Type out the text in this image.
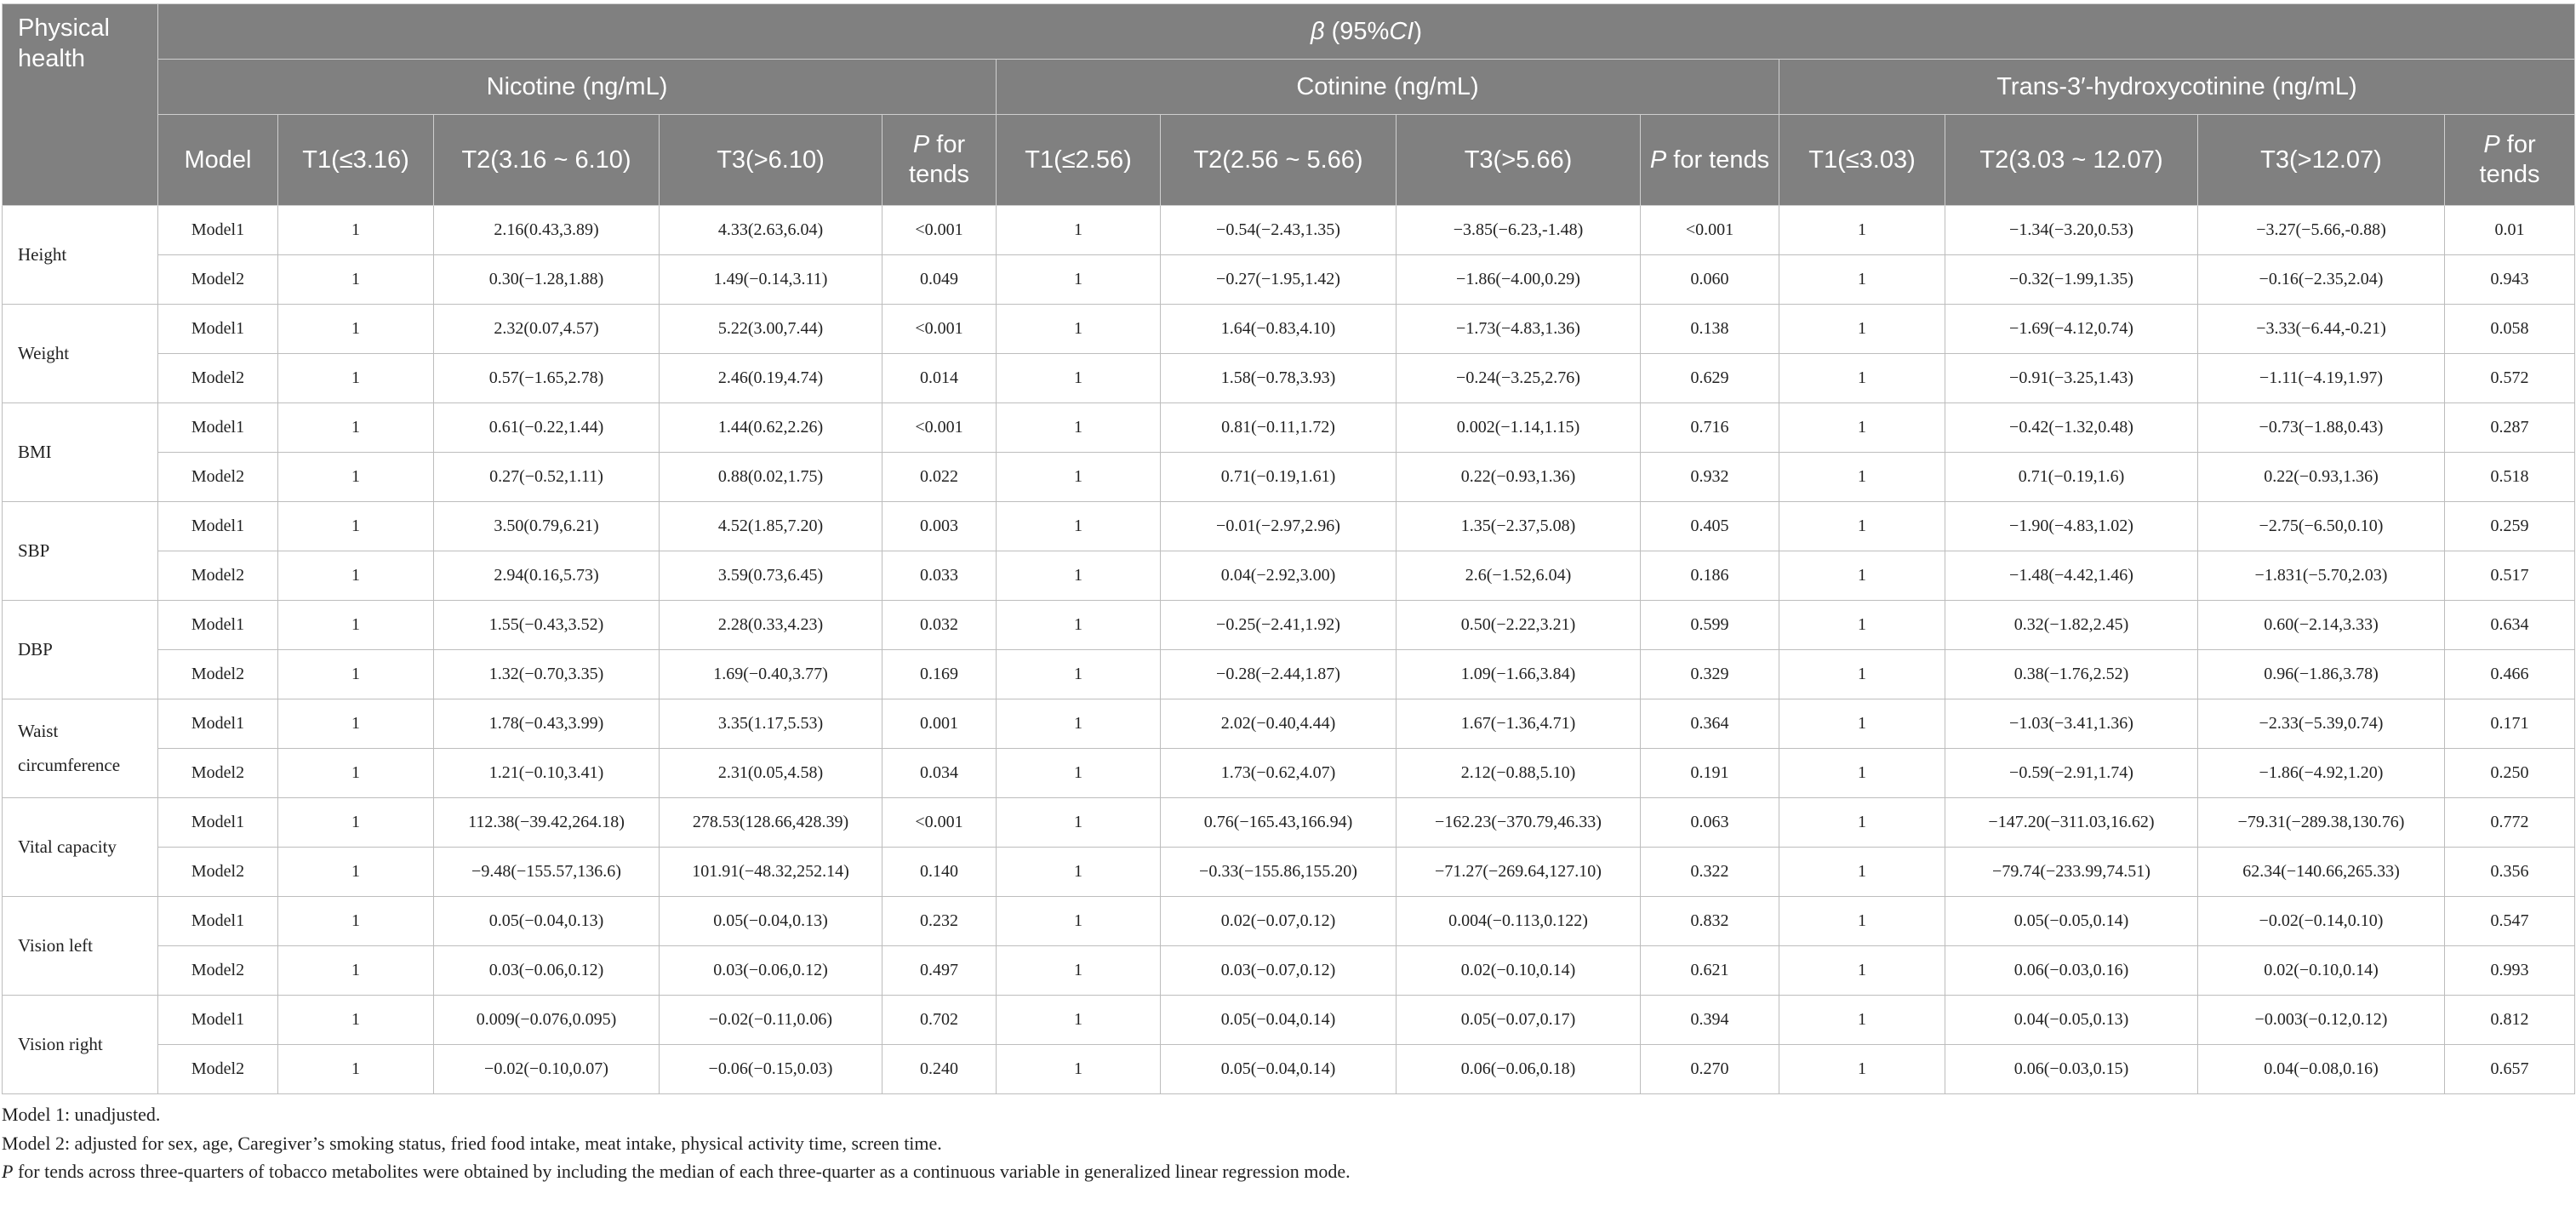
Physical health	β (95%CI)												
	Nicotine (ng/mL)					Cotinine (ng/mL)				Trans-3′-hydroxycotinine (ng/mL)			
	Model	T1(≤3.16)	T2(3.16 ~ 6.10)	T3(>6.10)	P for tends	T1(≤2.56)	T2(2.56 ~ 5.66)	T3(>5.66)	P for tends	T1(≤3.03)	T2(3.03 ~ 12.07)	T3(>12.07)	P for tends
Height	Model1	1	2.16(0.43,3.89)	4.33(2.63,6.04)	<0.001	1	−0.54(−2.43,1.35)	−3.85(−6.23,-1.48)	<0.001	1	−1.34(−3.20,0.53)	−3.27(−5.66,-0.88)	0.01
	Model2	1	0.30(−1.28,1.88)	1.49(−0.14,3.11)	0.049	1	−0.27(−1.95,1.42)	−1.86(−4.00,0.29)	0.060	1	−0.32(−1.99,1.35)	−0.16(−2.35,2.04)	0.943
Weight	Model1	1	2.32(0.07,4.57)	5.22(3.00,7.44)	<0.001	1	1.64(−0.83,4.10)	−1.73(−4.83,1.36)	0.138	1	−1.69(−4.12,0.74)	−3.33(−6.44,-0.21)	0.058
	Model2	1	0.57(−1.65,2.78)	2.46(0.19,4.74)	0.014	1	1.58(−0.78,3.93)	−0.24(−3.25,2.76)	0.629	1	−0.91(−3.25,1.43)	−1.11(−4.19,1.97)	0.572
BMI	Model1	1	0.61(−0.22,1.44)	1.44(0.62,2.26)	<0.001	1	0.81(−0.11,1.72)	0.002(−1.14,1.15)	0.716	1	−0.42(−1.32,0.48)	−0.73(−1.88,0.43)	0.287
	Model2	1	0.27(−0.52,1.11)	0.88(0.02,1.75)	0.022	1	0.71(−0.19,1.61)	0.22(−0.93,1.36)	0.932	1	0.71(−0.19,1.6)	0.22(−0.93,1.36)	0.518
SBP	Model1	1	3.50(0.79,6.21)	4.52(1.85,7.20)	0.003	1	−0.01(−2.97,2.96)	1.35(−2.37,5.08)	0.405	1	−1.90(−4.83,1.02)	−2.75(−6.50,0.10)	0.259
	Model2	1	2.94(0.16,5.73)	3.59(0.73,6.45)	0.033	1	0.04(−2.92,3.00)	2.6(−1.52,6.04)	0.186	1	−1.48(−4.42,1.46)	−1.831(−5.70,2.03)	0.517
DBP	Model1	1	1.55(−0.43,3.52)	2.28(0.33,4.23)	0.032	1	−0.25(−2.41,1.92)	0.50(−2.22,3.21)	0.599	1	0.32(−1.82,2.45)	0.60(−2.14,3.33)	0.634
	Model2	1	1.32(−0.70,3.35)	1.69(−0.40,3.77)	0.169	1	−0.28(−2.44,1.87)	1.09(−1.66,3.84)	0.329	1	0.38(−1.76,2.52)	0.96(−1.86,3.78)	0.466
Waist circumference	Model1	1	1.78(−0.43,3.99)	3.35(1.17,5.53)	0.001	1	2.02(−0.40,4.44)	1.67(−1.36,4.71)	0.364	1	−1.03(−3.41,1.36)	−2.33(−5.39,0.74)	0.171
	Model2	1	1.21(−0.10,3.41)	2.31(0.05,4.58)	0.034	1	1.73(−0.62,4.07)	2.12(−0.88,5.10)	0.191	1	−0.59(−2.91,1.74)	−1.86(−4.92,1.20)	0.250
Vital capacity	Model1	1	112.38(−39.42,264.18)	278.53(128.66,428.39)	<0.001	1	0.76(−165.43,166.94)	−162.23(−370.79,46.33)	0.063	1	−147.20(−311.03,16.62)	−79.31(−289.38,130.76)	0.772
	Model2	1	−9.48(−155.57,136.6)	101.91(−48.32,252.14)	0.140	1	−0.33(−155.86,155.20)	−71.27(−269.64,127.10)	0.322	1	−79.74(−233.99,74.51)	62.34(−140.66,265.33)	0.356
Vision left	Model1	1	0.05(−0.04,0.13)	0.05(−0.04,0.13)	0.232	1	0.02(−0.07,0.12)	0.004(−0.113,0.122)	0.832	1	0.05(−0.05,0.14)	−0.02(−0.14,0.10)	0.547
	Model2	1	0.03(−0.06,0.12)	0.03(−0.06,0.12)	0.497	1	0.03(−0.07,0.12)	0.02(−0.10,0.14)	0.621	1	0.06(−0.03,0.16)	0.02(−0.10,0.14)	0.993
Vision right	Model1	1	0.009(−0.076,0.095)	−0.02(−0.11,0.06)	0.702	1	0.05(−0.04,0.14)	0.05(−0.07,0.17)	0.394	1	0.04(−0.05,0.13)	−0.003(−0.12,0.12)	0.812
	Model2	1	−0.02(−0.10,0.07)	−0.06(−0.15,0.03)	0.240	1	0.05(−0.04,0.14)	0.06(−0.06,0.18)	0.270	1	0.06(−0.03,0.15)	0.04(−0.08,0.16)	0.657

Model 1: unadjusted.

Model 2: adjusted for sex, age, Caregiver’s smoking status, fried food intake, meat intake, physical activity time, screen time.

P for tends across three-quarters of tobacco metabolites were obtained by including the median of each three-quarter as a continuous variable in generalized linear regression mode.
